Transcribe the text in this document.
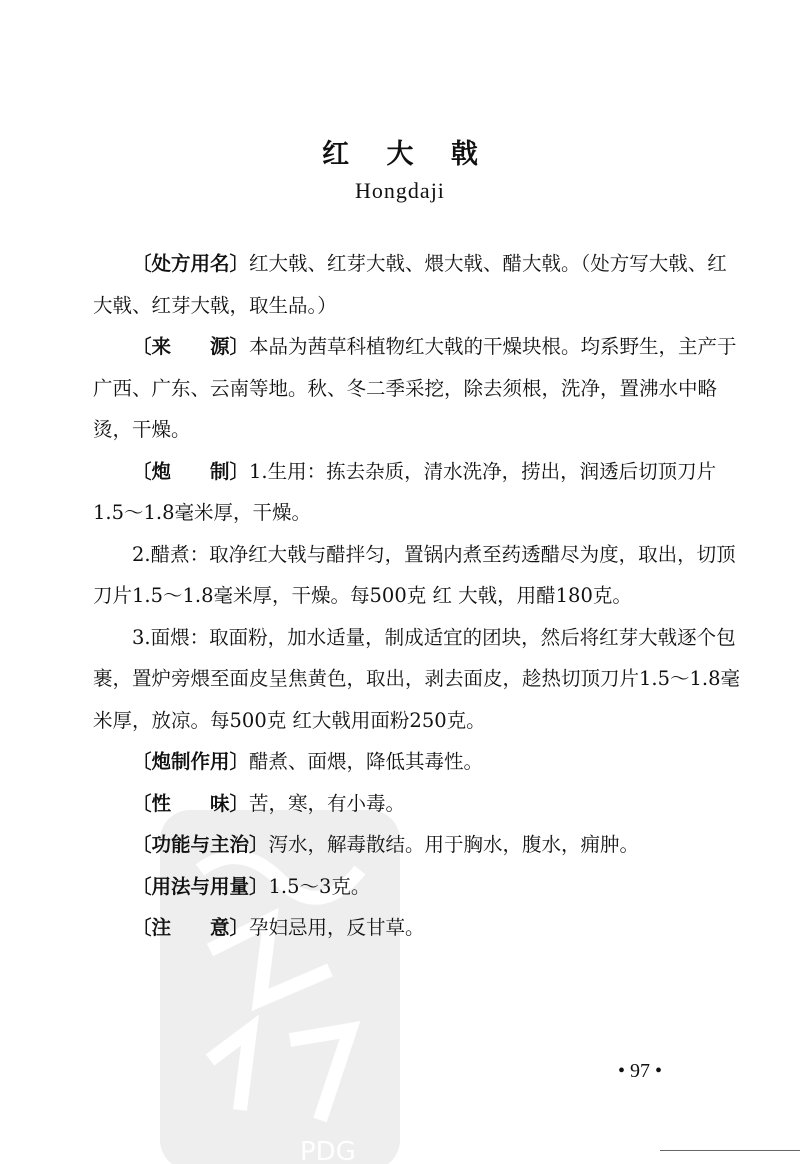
PDG
红 大 戟
Hongdaji

〔处方用名〕红大戟、红芽大戟、煨大戟、醋大戟。（处方写大戟、红大戟、红芽大戟，取生品。）

〔来　　源〕本品为茜草科植物红大戟的干燥块根。均系野生，主产于广西、广东、云南等地。秋、冬二季采挖，除去须根，洗净，置沸水中略烫，干燥。

〔炮　　制〕1.生用：拣去杂质，清水洗净，捞出，润透后切顶刀片1.5～1.8毫米厚，干燥。

2.醋煮：取净红大戟与醋拌匀，置锅内煮至药透醋尽为度，取出，切顶刀片1.5～1.8毫米厚，干燥。每500克 红 大戟，用醋180克。

3.面煨：取面粉，加水适量，制成适宜的团块，然后将红芽大戟逐个包裹，置炉旁煨至面皮呈焦黄色，取出，剥去面皮，趁热切顶刀片1.5～1.8毫米厚，放凉。每500克 红大戟用面粉250克。

〔炮制作用〕醋煮、面煨，降低其毒性。

〔性　　味〕苦，寒，有小毒。

〔功能与主治〕泻水，解毒散结。用于胸水，腹水，痈肿。

〔用法与用量〕1.5～3克。

〔注　　意〕孕妇忌用，反甘草。

• 97 •
